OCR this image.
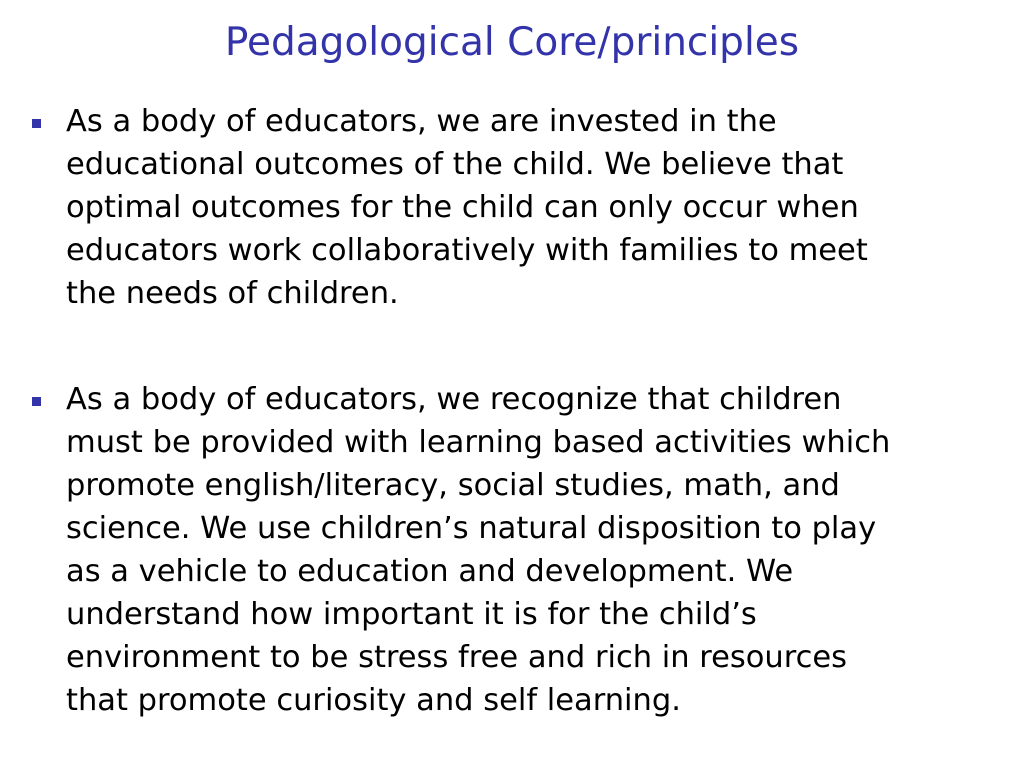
Pedagological Core/principles

As a body of educators, we are invested in the
educational outcomes of the child. We believe that
optimal outcomes for the child can only occur when
educators work collaboratively with families to meet
the needs of children.

As a body of educators, we recognize that children
must be provided with learning based activities which
promote english/literacy, social studies, math, and
science. We use children’s natural disposition to play
as a vehicle to education and development. We
understand how important it is for the child’s
environment to be stress free and rich in resources
that promote curiosity and self learning.
